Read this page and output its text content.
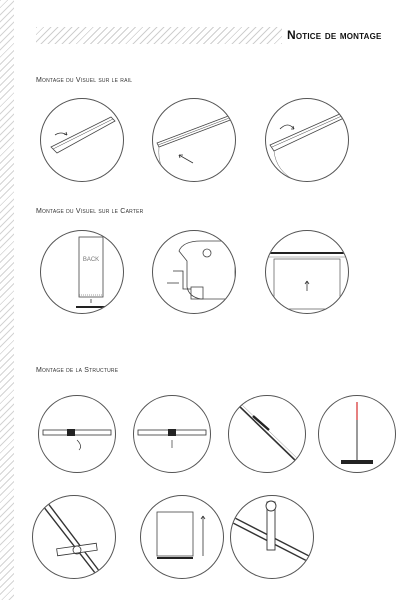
Notice de montage
Montage du Visuel sur le rail
Montage du Visuel sur le Carter
BACK
Montage de la Structure
